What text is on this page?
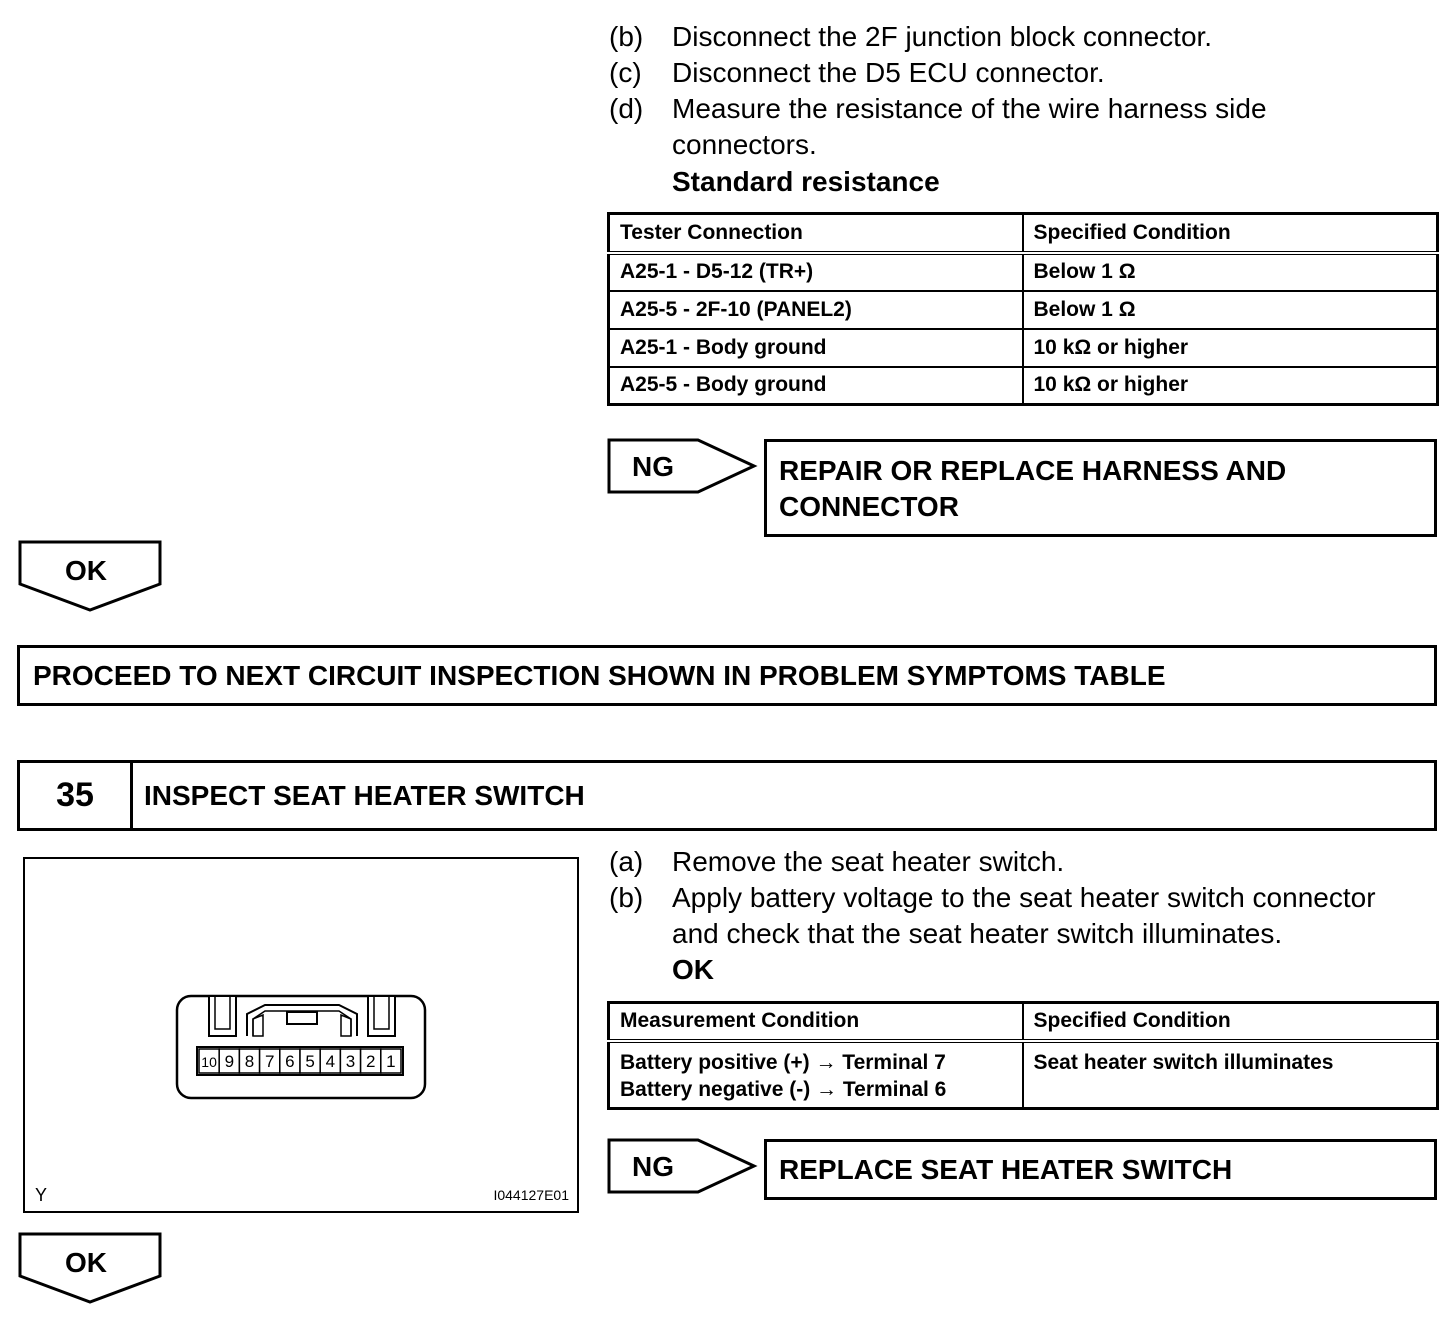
(b)	Disconnect the 2F junction block connector.
(c)	Disconnect the D5 ECU connector.
(d)	Measure the resistance of the wire harness side
connectors.
Standard resistance
Tester Connection	Specified Condition
A25-1 - D5-12 (TR+)	Below 1 Ω
A25-5 - 2F-10 (PANEL2)	Below 1 Ω
A25-1 - Body ground	10 kΩ or higher
A25-5 - Body ground	10 kΩ or higher
NG	REPAIR OR REPLACE HARNESS AND
CONNECTOR
OK
PROCEED TO NEXT CIRCUIT INSPECTION SHOWN IN PROBLEM SYMPTOMS TABLE
35	INSPECT SEAT HEATER SWITCH
10 9 8 7 6 5 4 3 2 1
Y	I044127E01
(a)	Remove the seat heater switch.
(b)	Apply battery voltage to the seat heater switch connector
and check that the seat heater switch illuminates.
OK
Measurement Condition	Specified Condition

Battery positive (+) → Terminal 7
Battery negative (-) → Terminal 6	Seat heater switch illuminates
NG	REPLACE SEAT HEATER SWITCH
OK
